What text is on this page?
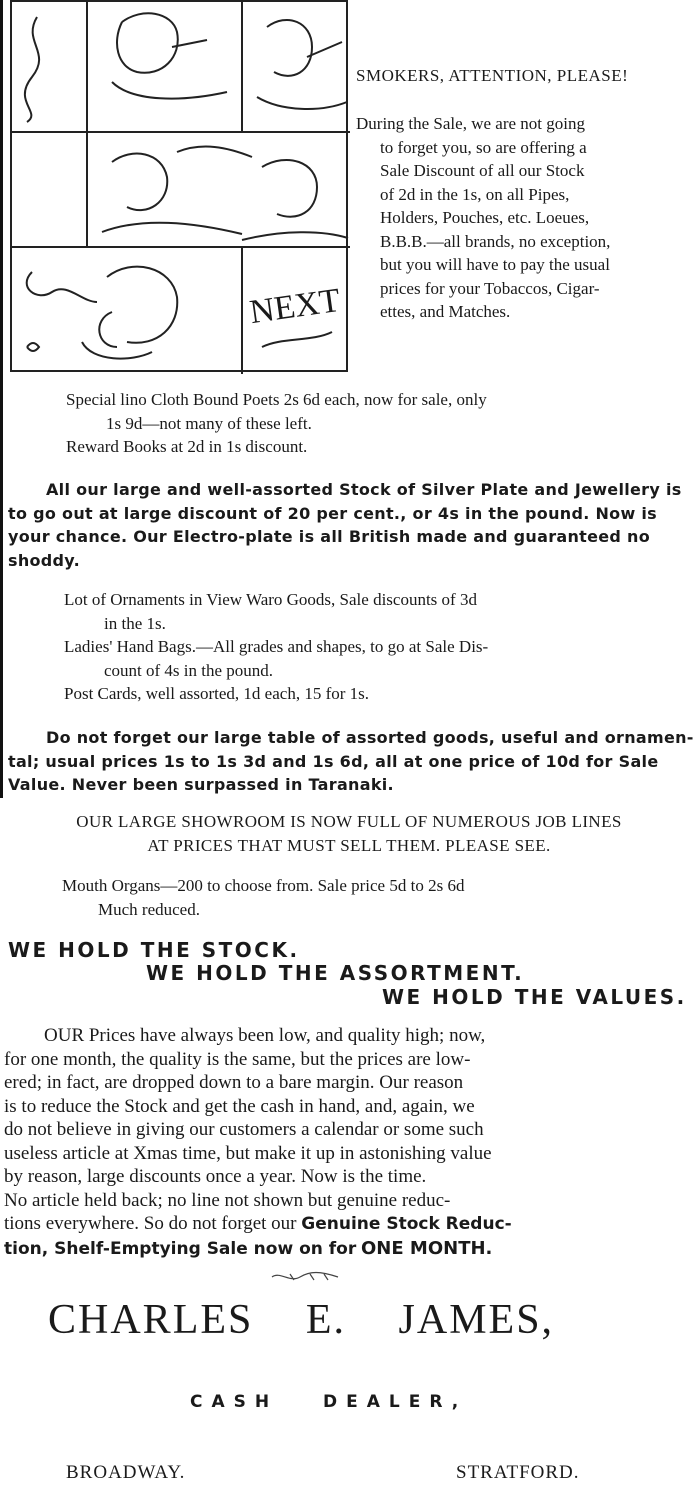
NEXT

SMOKERS, ATTENTION, PLEASE!

During the Sale, we are not going
to forget you, so are offering a
Sale Discount of all our Stock
of 2d in the 1s, on all Pipes,
Holders, Pouches, etc. Loeues,
B.B.B.—all brands, no exception,
but you will have to pay the usual
prices for your Tobaccos, Cigar-
ettes, and Matches.
Special lino Cloth Bound Poets 2s 6d each, now for sale, only
1s 9d—not many of these left.
Reward Books at 2d in 1s discount.
All our large and well-assorted Stock of Silver Plate and Jewellery is
to go out at large discount of 20 per cent., or 4s in the pound. Now is
your chance. Our Electro-plate is all British made and guaranteed no
shoddy.
Lot of Ornaments in View Waro Goods, Sale discounts of 3d
in the 1s.
Ladies' Hand Bags.—All grades and shapes, to go at Sale Dis-
count of 4s in the pound.
Post Cards, well assorted, 1d each, 15 for 1s.
Do not forget our large table of assorted goods, useful and ornamen-
tal; usual prices 1s to 1s 3d and 1s 6d, all at one price of 10d for Sale
Value. Never been surpassed in Taranaki.
OUR LARGE SHOWROOM IS NOW FULL OF NUMEROUS JOB LINES
AT PRICES THAT MUST SELL THEM. PLEASE SEE.
Mouth Organs—200 to choose from. Sale price 5d to 2s 6d
Much reduced.
WE HOLD THE STOCK.
WE HOLD THE ASSORTMENT.
WE HOLD THE VALUES.
OUR Prices have always been low, and quality high; now,
for one month, the quality is the same, but the prices are low-
ered; in fact, are dropped down to a bare margin. Our reason
is to reduce the Stock and get the cash in hand, and, again, we
do not believe in giving our customers a calendar or some such
useless article at Xmas time, but make it up in astonishing value
by reason, large discounts once a year. Now is the time.
No article held back; no line not shown but genuine reduc-
tions everywhere. So do not forget our Genuine Stock Reduc-
tion, Shelf-Emptying Sale now on for ONE MONTH.
CHARLES E. JAMES,
CASH DEALER,
BROADWAY.	STRATFORD.
